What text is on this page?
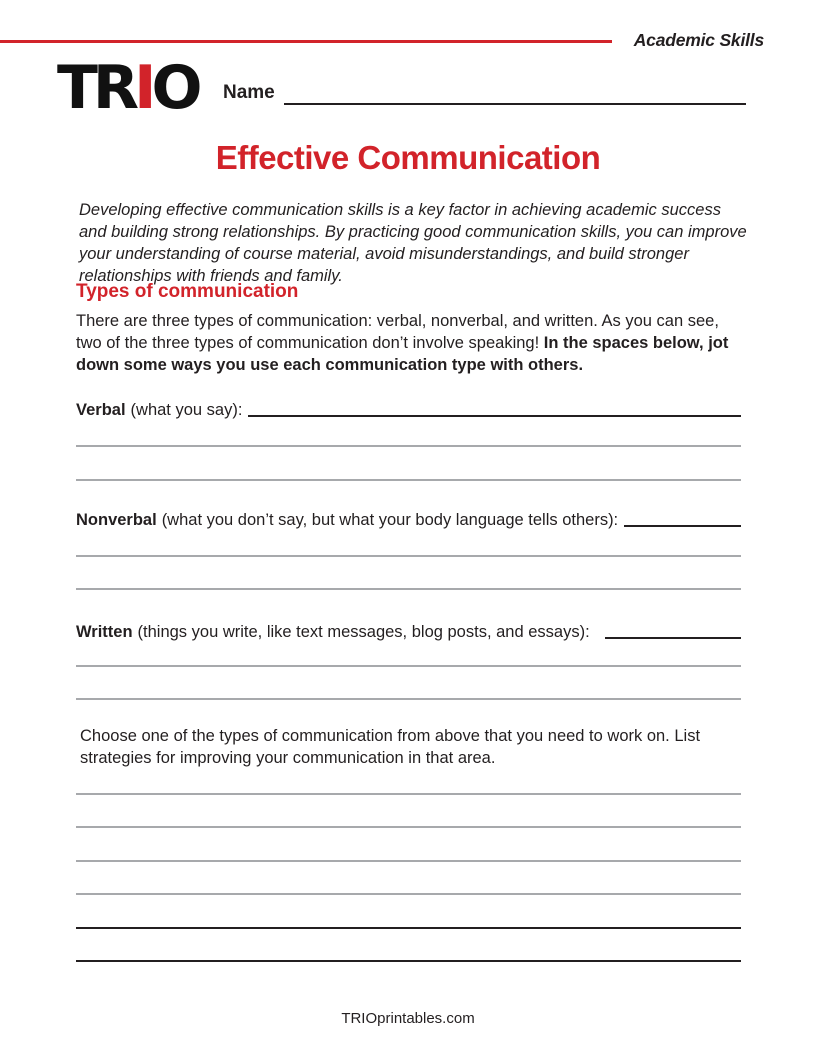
Academic Skills
TRIO Name
Effective Communication
Developing effective communication skills is a key factor in achieving academic success and building strong relationships. By practicing good communication skills, you can improve your understanding of course material, avoid misunderstandings, and build stronger relationships with friends and family.
Types of communication
There are three types of communication: verbal, nonverbal, and written. As you can see, two of the three types of communication don’t involve speaking! In the spaces below, jot down some ways you use each communication type with others.
Verbal (what you say):
Nonverbal (what you don’t say, but what your body language tells others):
Written (things you write, like text messages, blog posts, and essays):
Choose one of the types of communication from above that you need to work on. List strategies for improving your communication in that area.
TRIOprintables.com
